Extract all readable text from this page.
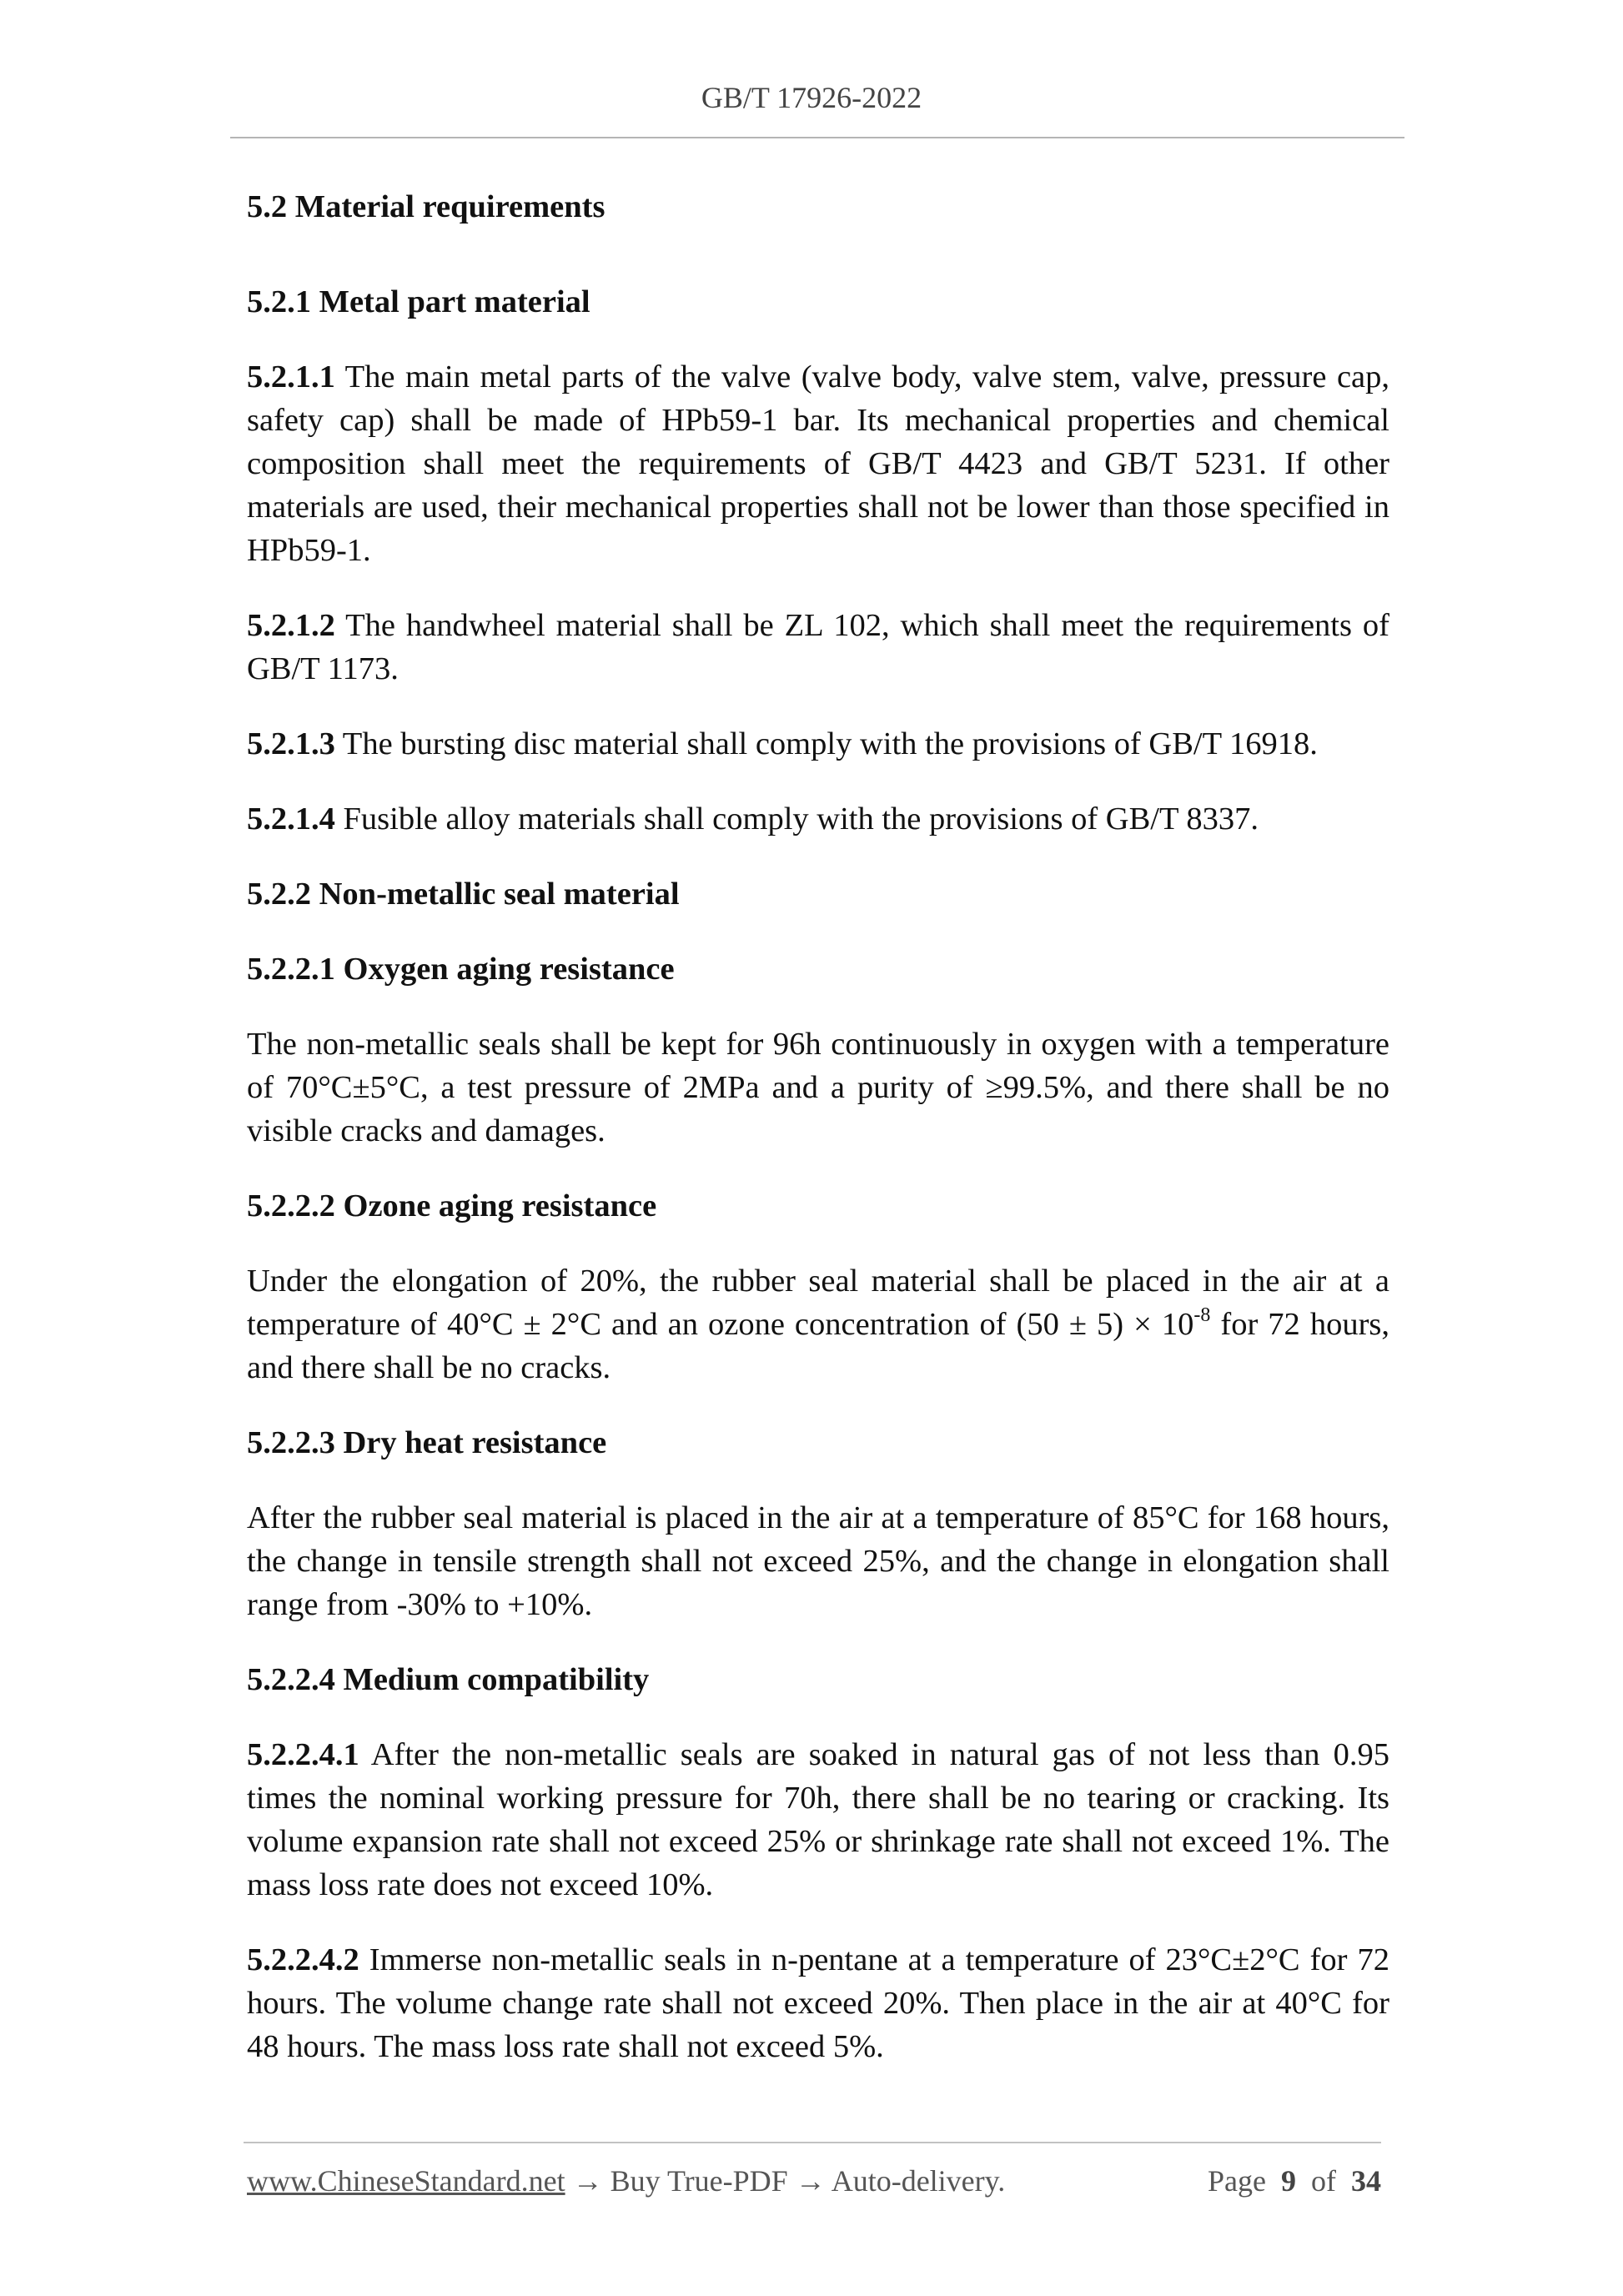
GB/T 17926-2022
5.2 Material requirements
5.2.1 Metal part material

5.2.1.1 The main metal parts of the valve (valve body, valve stem, valve, pressure cap, safety cap) shall be made of HPb59-1 bar. Its mechanical properties and chemical composition shall meet the requirements of GB/T 4423 and GB/T 5231. If other materials are used, their mechanical properties shall not be lower than those specified in HPb59-1.

5.2.1.2 The handwheel material shall be ZL 102, which shall meet the requirements of GB/T 1173.

5.2.1.3 The bursting disc material shall comply with the provisions of GB/T 16918.

5.2.1.4 Fusible alloy materials shall comply with the provisions of GB/T 8337.

5.2.2 Non-metallic seal material
5.2.2.1 Oxygen aging resistance

The non-metallic seals shall be kept for 96h continuously in oxygen with a temperature of 70°C±5°C, a test pressure of 2MPa and a purity of ≥99.5%, and there shall be no visible cracks and damages.

5.2.2.2 Ozone aging resistance

Under the elongation of 20%, the rubber seal material shall be placed in the air at a temperature of 40°C ± 2°C and an ozone concentration of $(50 \pm 5) \times 10^{-8}$ for 72 hours, and there shall be no cracks.

5.2.2.3 Dry heat resistance

After the rubber seal material is placed in the air at a temperature of 85°C for 168 hours, the change in tensile strength shall not exceed 25%, and the change in elongation shall range from -30% to +10%.

5.2.2.4 Medium compatibility

5.2.2.4.1 After the non-metallic seals are soaked in natural gas of not less than 0.95 times the nominal working pressure for 70h, there shall be no tearing or cracking. Its volume expansion rate shall not exceed 25% or shrinkage rate shall not exceed 1%. The mass loss rate does not exceed 10%.

5.2.2.4.2 Immerse non-metallic seals in n-pentane at a temperature of 23°C±2°C for 72 hours. The volume change rate shall not exceed 20%. Then place in the air at 40°C for 48 hours. The mass loss rate shall not exceed 5%.

www.ChineseStandard.net → Buy True-PDF → Auto-delivery.	Page 9 of 34
